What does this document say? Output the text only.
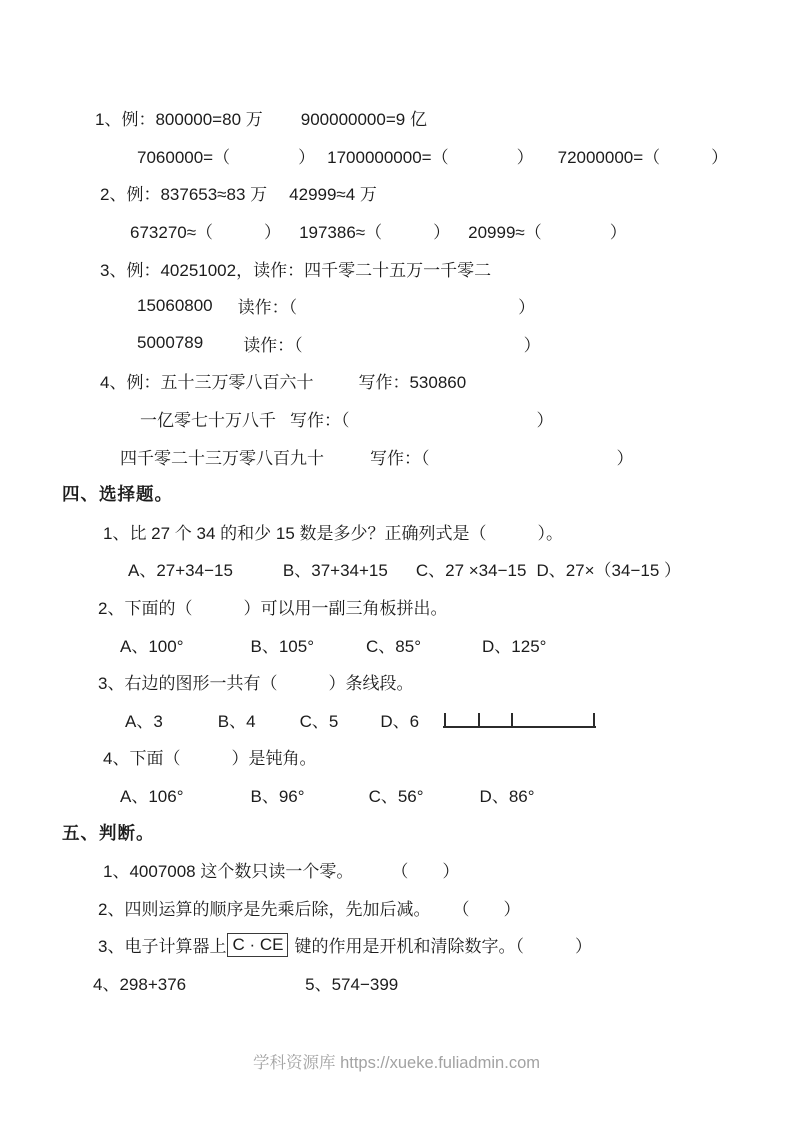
1、例：800000=80 万 900000000=9 亿
7060000=（　　　　） 1700000000=（　　　　） 72000000=（　　　）
2、例：837653≈83 万 42999≈4 万
673270≈（　　　） 197386≈（　　　） 20999≈（　　　　）
3、例：40251002，读作：四千零二十五万一千零二
15060800 读作：（　　　　　　　　　　　　　）
5000789 读作：（　　　　　　　　　　　　　）
4、例：五十三万零八百六十	写作：530860
一亿零七十万八千 写作：（　　　　　　　　　　　）
四千零二十三万零八百九十	写作：（　　　　　　　　　　　）
四、选择题。
1、比 27 个 34 的和少 15 数是多少？正确列式是（　　　）。
A、27+34−15	B、37+34+15 C、27 ×34−15 D、27×（34−15 ）
2、下面的（　　　）可以用一副三角板拼出。
A、100°	B、105°	C、85°	D、125°
3、右边的图形一共有（　　　）条线段。
A、3	B、4	C、5 D、6

4、下面（　　　）是钝角。
A、106°	B、96°	C、56°	D、86°
五、判断。
1、4007008 这个数只读一个零。 （　　）
2、四则运算的顺序是先乘后除，先加后减。 （　　）
3、电子计算器上 C · CE 键的作用是开机和清除数字。（　　　）
4、298+376	5、574−399
学科资源库 https://xueke.fuliadmin.com
